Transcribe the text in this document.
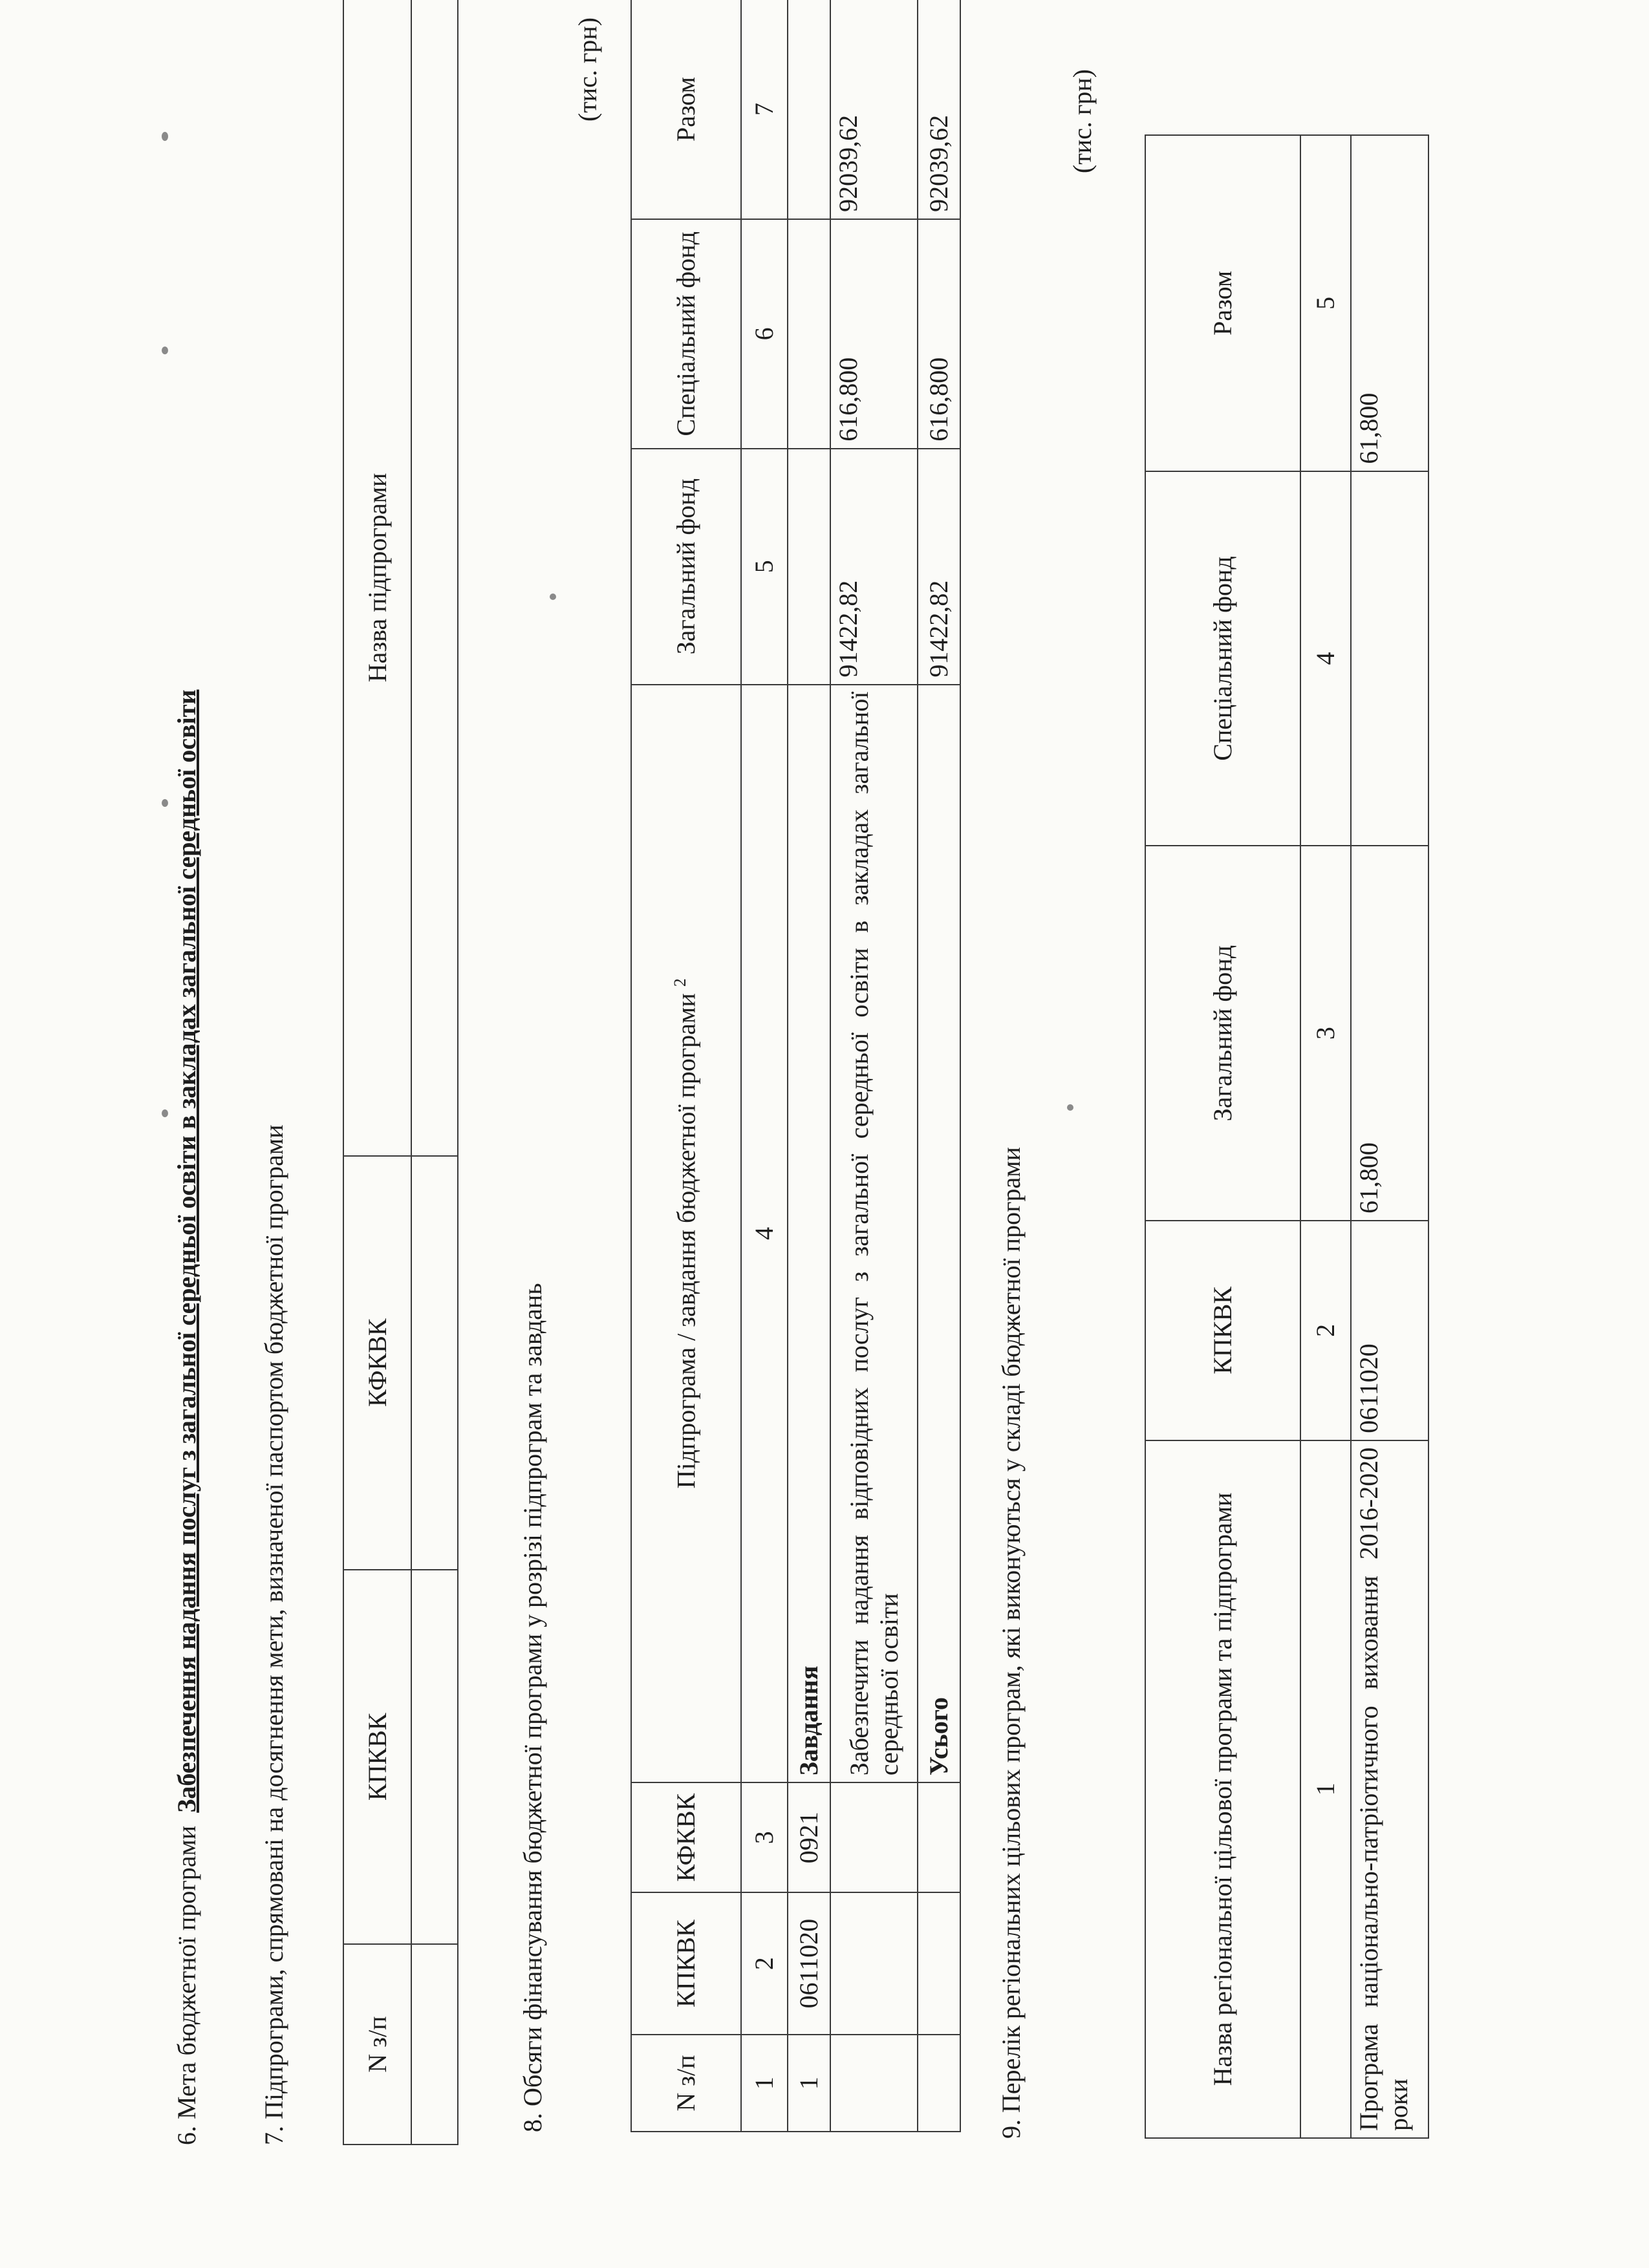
6. Мета бюджетної програми  Забезпечення надання послуг з загальної середньої освіти в закладах загальної середньої освіти 7. Підпрограми, спрямовані на досягнення мети, визначеної паспортом бюджетної програми	N з/п	КПКВК	КФКВК	Назва підпрограми

8. Обсяги фінансування бюджетної програми у розрізі підпрограм та завдань
(тис. грн)
N з/п	КПКВК	КФКВК	Підпрограма / завдання бюджетної програми $^2$	Загальний фонд	Спеціальний фонд	Разом
1	2	3	4	5	6	7
1	0611020	0921	Завдання			
			Забезпечити надання відповідних послуг з загальної середньої освіти в закладах загальної середньої освіти	91422,82	616,800	92039,62
			Усього	91422,82	616,800	92039,62
9. Перелік регіональних цільових програм, які виконуються у складі бюджетної програми
(тис. грн)
Назва регіональної цільової програми та підпрограми	КПКВК	Загальний фонд	Спеціальний фонд	Разом
1	2	3	4	5
Програма національно-патріотичного виховання 2016-2020 роки	0611020	61,800		61,800
